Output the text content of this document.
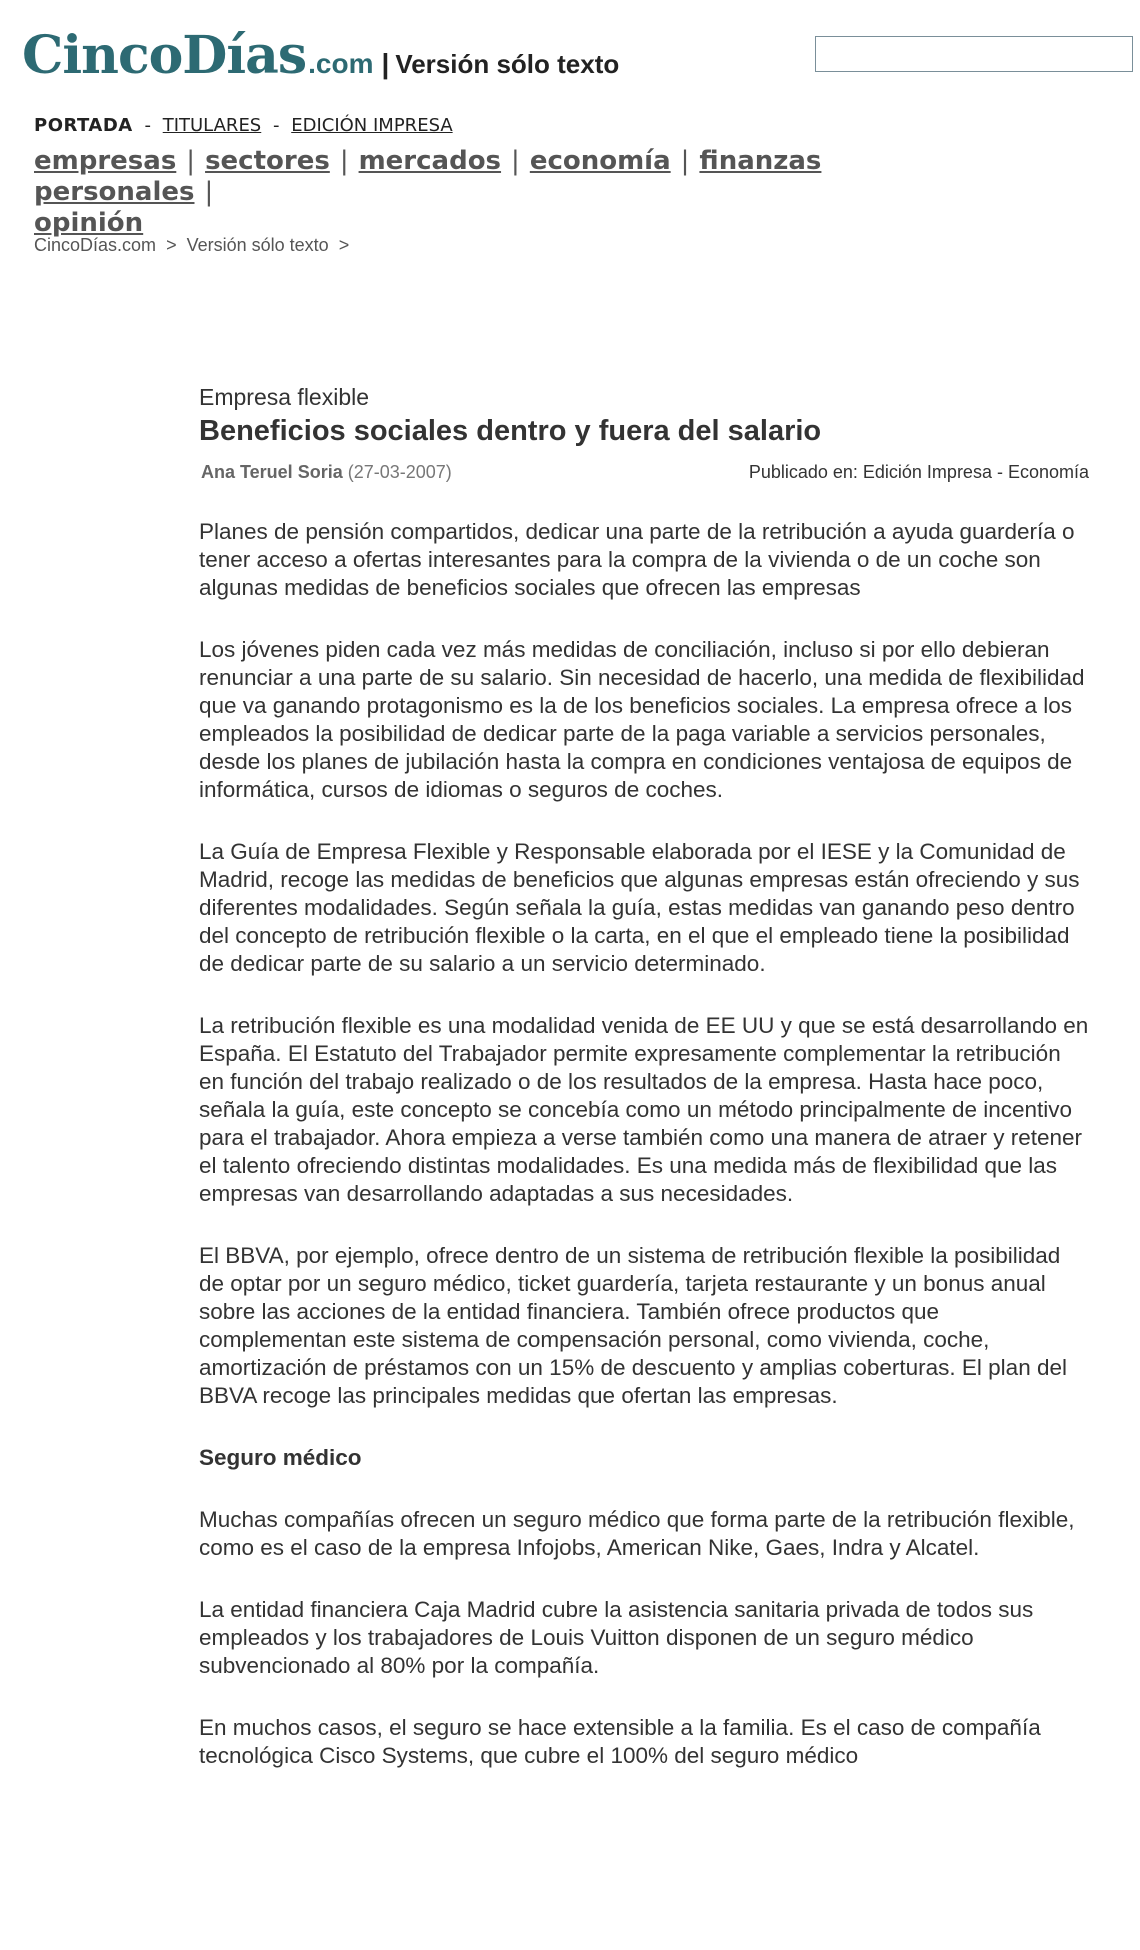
CincoDías .com | Versión sólo texto
PORTADA - TITULARES - EDICIÓN IMPRESA
empresas | sectores | mercados | economía | finanzas personales |
opinión
CincoDías.com > Versión sólo texto >

Empresa flexible

Beneficios sociales dentro y fuera del salario
Ana Teruel Soria (27-03-2007)	Publicado en: Edición Impresa - Economía

Planes de pensión compartidos, dedicar una parte de la retribución a ayuda guardería o tener acceso a ofertas interesantes para la compra de la vivienda o de un coche son algunas medidas de beneficios sociales que ofrecen las empresas

Los jóvenes piden cada vez más medidas de conciliación, incluso si por ello debieran renunciar a una parte de su salario. Sin necesidad de hacerlo, una medida de flexibilidad que va ganando protagonismo es la de los beneficios sociales. La empresa ofrece a los empleados la posibilidad de dedicar parte de la paga variable a servicios personales, desde los planes de jubilación hasta la compra en condiciones ventajosa de equipos de informática, cursos de idiomas o seguros de coches.

La Guía de Empresa Flexible y Responsable elaborada por el IESE y la Comunidad de Madrid, recoge las medidas de beneficios que algunas empresas están ofreciendo y sus diferentes modalidades. Según señala la guía, estas medidas van ganando peso dentro del concepto de retribución flexible o la carta, en el que el empleado tiene la posibilidad de dedicar parte de su salario a un servicio determinado.

La retribución flexible es una modalidad venida de EE UU y que se está desarrollando en España. El Estatuto del Trabajador permite expresamente complementar la retribución en función del trabajo realizado o de los resultados de la empresa. Hasta hace poco, señala la guía, este concepto se concebía como un método principalmente de incentivo para el trabajador. Ahora empieza a verse también como una manera de atraer y retener el talento ofreciendo distintas modalidades. Es una medida más de flexibilidad que las empresas van desarrollando adaptadas a sus necesidades.

El BBVA, por ejemplo, ofrece dentro de un sistema de retribución flexible la posibilidad de optar por un seguro médico, ticket guardería, tarjeta restaurante y un bonus anual sobre las acciones de la entidad financiera. También ofrece productos que complementan este sistema de compensación personal, como vivienda, coche, amortización de préstamos con un 15% de descuento y amplias coberturas. El plan del BBVA recoge las principales medidas que ofertan las empresas.

Seguro médico

Muchas compañías ofrecen un seguro médico que forma parte de la retribución flexible, como es el caso de la empresa Infojobs, American Nike, Gaes, Indra y Alcatel.

La entidad financiera Caja Madrid cubre la asistencia sanitaria privada de todos sus empleados y los trabajadores de Louis Vuitton disponen de un seguro médico subvencionado al 80% por la compañía.

En muchos casos, el seguro se hace extensible a la familia. Es el caso de compañía tecnológica Cisco Systems, que cubre el 100% del seguro médico
